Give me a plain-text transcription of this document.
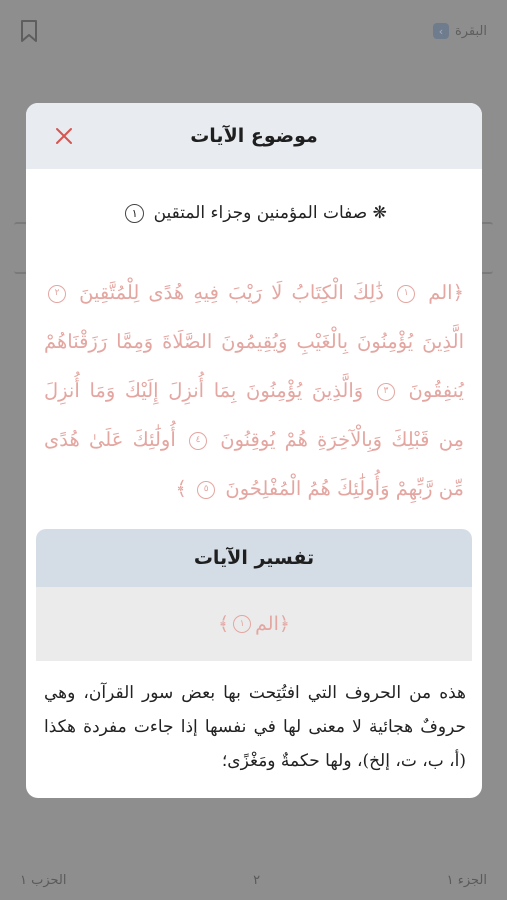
‹ البقرة
الحزب ١	٢	الجزء ١
موضوع الآيات
❋ صفات المؤمنين وجزاء المتقين ١
﴿الم ١ ذَٰلِكَ الْكِتَابُ لَا رَيْبَ فِيهِ هُدًى لِلْمُتَّقِينَ ٢ الَّذِينَ يُؤْمِنُونَ بِالْغَيْبِ وَيُقِيمُونَ الصَّلَاةَ وَمِمَّا رَزَقْنَاهُمْ يُنفِقُونَ ٣ وَالَّذِينَ يُؤْمِنُونَ بِمَا أُنزِلَ إِلَيْكَ وَمَا أُنزِلَ مِن قَبْلِكَ وَبِالْآخِرَةِ هُمْ يُوقِنُونَ ٤ أُولَٰئِكَ عَلَىٰ هُدًى مِّن رَّبِّهِمْ وَأُولَٰئِكَ هُمُ الْمُفْلِحُونَ ٥ ﴾
تفسير الآيات
﴿الم
١
﴾
هذه من الحروف التي افتُتِحت بها بعض سور القرآن، وهي حروفٌ هجائية لا معنى لها في نفسها إذا جاءت مفردة هكذا (أ، ب، ت، إلخ)، ولها حكمةٌ ومَغْزًى؛
